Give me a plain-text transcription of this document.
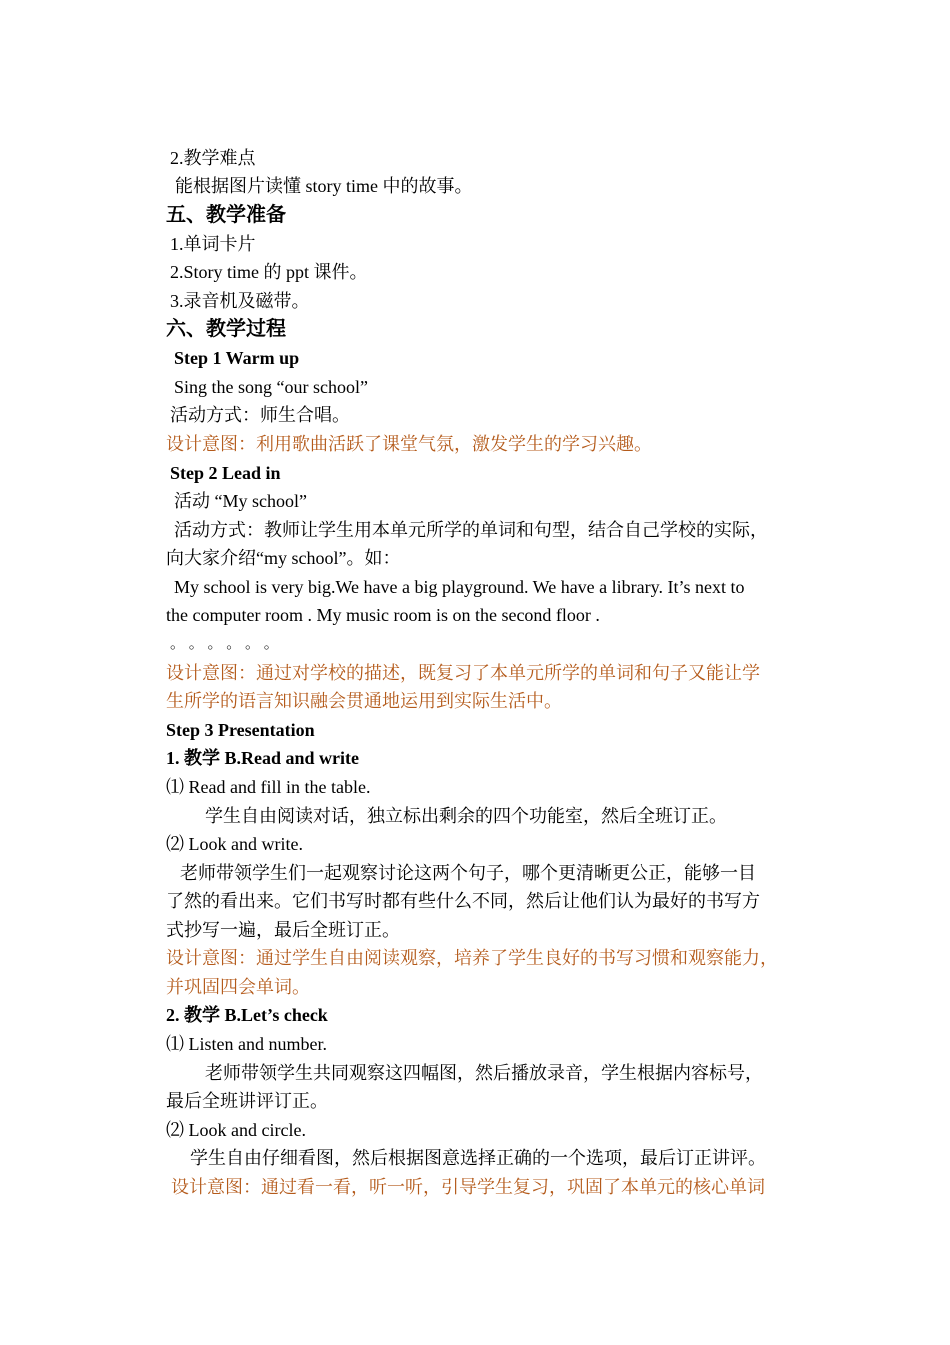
2.教学难点
能根据图片读懂 story time 中的故事。
五、教学准备
1.单词卡片
2.Story time 的 ppt 课件。
3.录音机及磁带。
六、教学过程
Step 1 Warm up
Sing the song “our school”
活动方式：师生合唱。
设计意图：利用歌曲活跃了课堂气氛，激发学生的学习兴趣。
Step 2 Lead in
活动 “My school”
活动方式：教师让学生用本单元所学的单词和句型，结合自己学校的实际，
向大家介绍“my school”。如：
My school is very big.We have a big playground. We have a library. It’s next to
the computer room . My music room is on the second floor .
。 。 。 。 。 。
设计意图：通过对学校的描述，既复习了本单元所学的单词和句子又能让学
生所学的语言知识融会贯通地运用到实际生活中。
Step 3 Presentation
1. 教学 B.Read and write
⑴ Read and fill in the table.
学生自由阅读对话，独立标出剩余的四个功能室，然后全班订正。
⑵ Look and write.
老师带领学生们一起观察讨论这两个句子，哪个更清晰更公正，能够一目
了然的看出来。它们书写时都有些什么不同，然后让他们认为最好的书写方
式抄写一遍，最后全班订正。
设计意图：通过学生自由阅读观察，培养了学生良好的书写习惯和观察能力，
并巩固四会单词。
2. 教学 B.Let’s check
⑴ Listen and number.
老师带领学生共同观察这四幅图，然后播放录音，学生根据内容标号，
最后全班讲评订正。
⑵ Look and circle.
学生自由仔细看图，然后根据图意选择正确的一个选项，最后订正讲评。
设计意图：通过看一看，听一听，引导学生复习，巩固了本单元的核心单词
